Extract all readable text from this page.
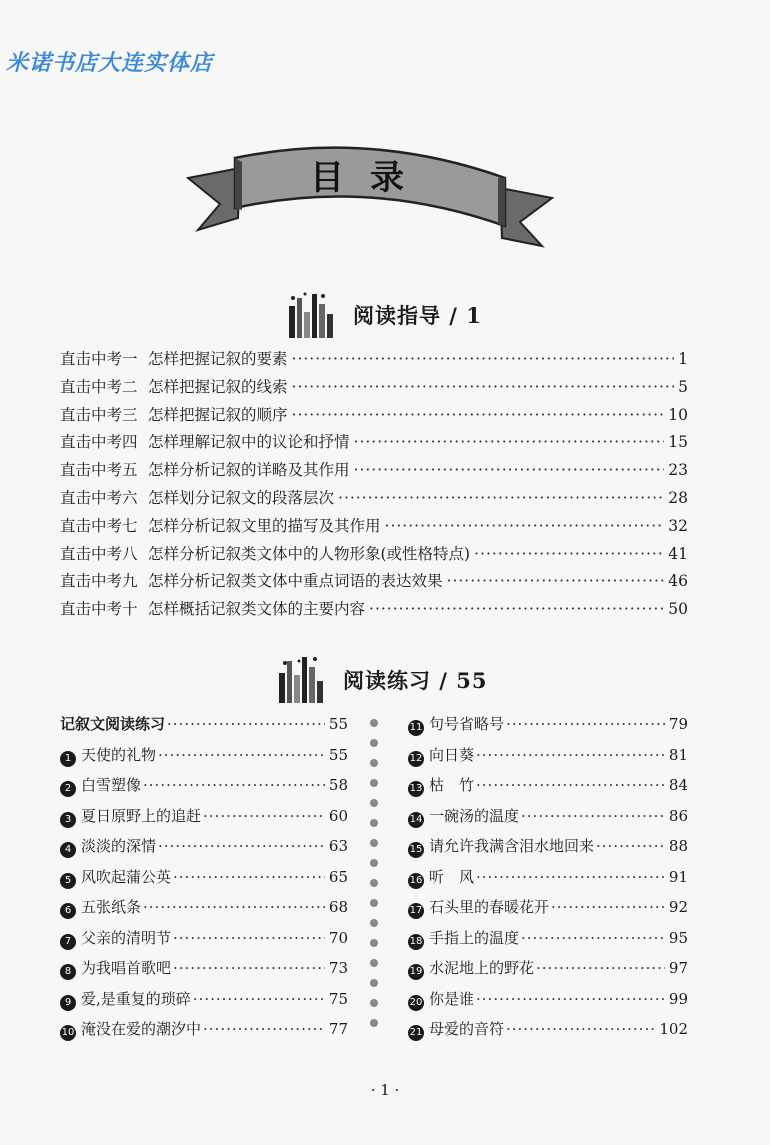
米诺书店大连实体店
目录
阅读指导 / 1
直击中考一 怎样把握记叙的要素 ·····	1
直击中考二 怎样把握记叙的线索 ·····	5
直击中考三 怎样把握记叙的顺序 ·····	10
直击中考四 怎样理解记叙中的议论和抒情 ·····	15
直击中考五 怎样分析记叙的详略及其作用 ·····	23
直击中考六 怎样划分记叙文的段落层次 ·····	28
直击中考七 怎样分析记叙文里的描写及其作用 ·····	32
直击中考八 怎样分析记叙类文体中的人物形象(或性格特点) ·····	41
直击中考九 怎样分析记叙类文体中重点词语的表达效果 ·····	46
直击中考十 怎样概括记叙类文体的主要内容 ·····	50
阅读练习 / 55
记叙文阅读练习 ·····	55
1 天使的礼物 ·····	55
2 白雪塑像 ·····	58
3 夏日原野上的追赶 ·····	60
4 淡淡的深情 ·····	63
5 风吹起蒲公英 ·····	65
6 五张纸条 ·····	68
7 父亲的清明节 ·····	70
8 为我唱首歌吧 ·····	73
9 爱,是重复的琐碎 ·····	75
10 淹没在爱的潮汐中 ·····	77
11 句号省略号 ·····	79
12 向日葵 ·····	81
13 枯　竹 ·····	84
14 一碗汤的温度 ·····	86
15 请允许我满含泪水地回来 ·····	88
16 听　风 ·····	91
17 石头里的春暖花开 ·····	92
18 手指上的温度 ·····	95
19 水泥地上的野花 ·····	97
20 你是谁 ·····	99
21 母爱的音符 ·····	102
· 1 ·
